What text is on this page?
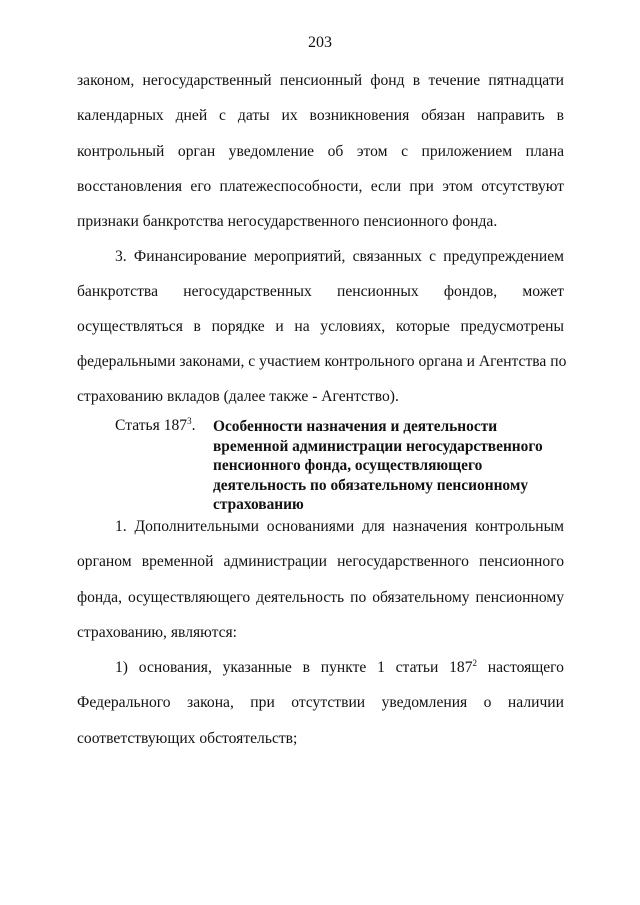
203
законом, негосударственный пенсионный фонд в течение пятнадцати
календарных дней с даты их возникновения обязан направить в
контрольный орган уведомление об этом с приложением плана
восстановления его платежеспособности, если при этом отсутствуют
признаки банкротства негосударственного пенсионного фонда.
3. Финансирование мероприятий, связанных с предупреждением
банкротства негосударственных пенсионных фондов, может
осуществляться в порядке и на условиях, которые предусмотрены
федеральными законами, с участием контрольного органа и Агентства по
страхованию вкладов (далее также - Агентство).
Статья $187^3$. Особенности назначения и деятельности
временной администрации негосударственного
пенсионного фонда, осуществляющего
деятельность по обязательному пенсионному
страхованию
1. Дополнительными основаниями для назначения контрольным
органом временной администрации негосударственного пенсионного
фонда, осуществляющего деятельность по обязательному пенсионному
страхованию, являются:
1) основания, указанные в пункте 1 статьи $187^2$ настоящего
Федерального закона, при отсутствии уведомления о наличии
соответствующих обстоятельств;
